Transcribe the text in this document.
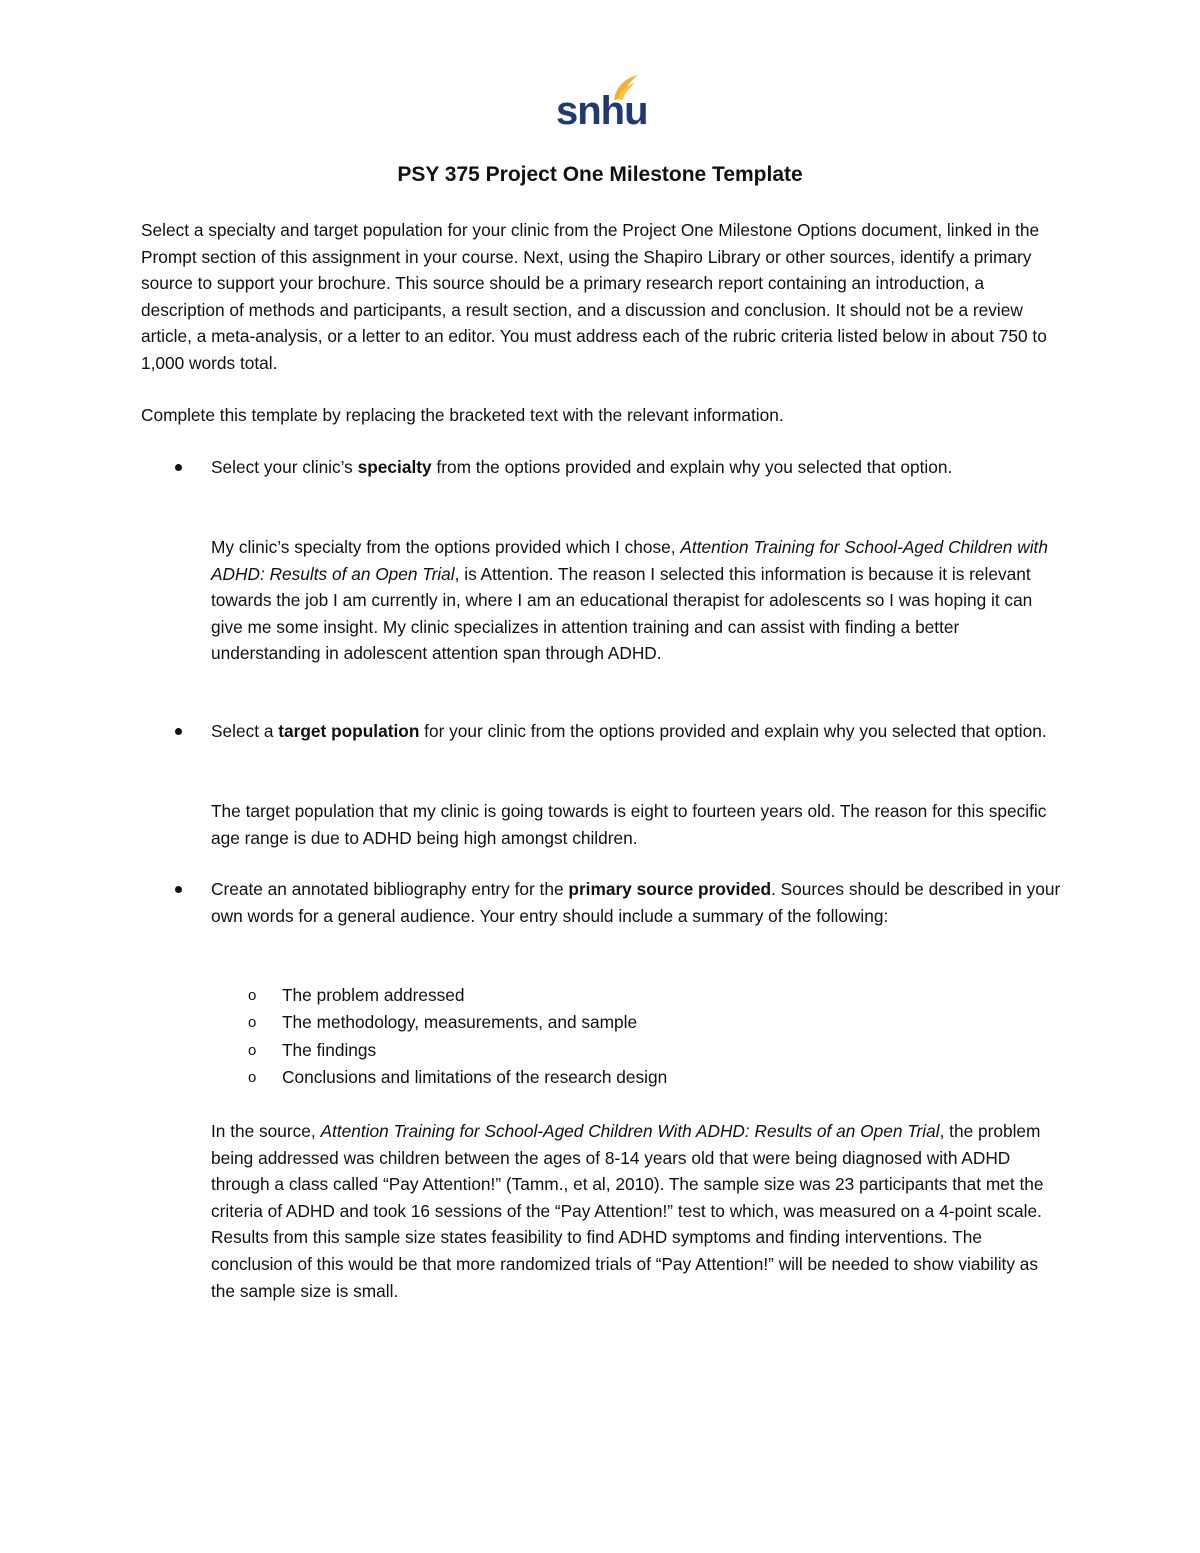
snhu
PSY 375 Project One Milestone Template
Select a specialty and target population for your clinic from the Project One Milestone Options document, linked in the Prompt section of this assignment in your course. Next, using the Shapiro Library or other sources, identify a primary source to support your brochure. This source should be a primary research report containing an introduction, a description of methods and participants, a result section, and a discussion and conclusion. It should not be a review article, a meta-analysis, or a letter to an editor. You must address each of the rubric criteria listed below in about 750 to 1,000 words total.
Complete this template by replacing the bracketed text with the relevant information.
Select your clinic’s specialty from the options provided and explain why you selected that option.
My clinic’s specialty from the options provided which I chose, Attention Training for School-Aged Children with ADHD: Results of an Open Trial, is Attention. The reason I selected this information is because it is relevant towards the job I am currently in, where I am an educational therapist for adolescents so I was hoping it can give me some insight. My clinic specializes in attention training and can assist with finding a better understanding in adolescent attention span through ADHD.
Select a target population for your clinic from the options provided and explain why you selected that option.
The target population that my clinic is going towards is eight to fourteen years old. The reason for this specific age range is due to ADHD being high amongst children.
Create an annotated bibliography entry for the primary source provided. Sources should be described in your own words for a general audience. Your entry should include a summary of the following:
o The problem addressed
o The methodology, measurements, and sample
o The findings
o Conclusions and limitations of the research design
In the source, Attention Training for School-Aged Children With ADHD: Results of an Open Trial, the problem being addressed was children between the ages of 8-14 years old that were being diagnosed with ADHD through a class called “Pay Attention!” (Tamm., et al, 2010). The sample size was 23 participants that met the criteria of ADHD and took 16 sessions of the “Pay Attention!” test to which, was measured on a 4-point scale. Results from this sample size states feasibility to find ADHD symptoms and finding interventions. The conclusion of this would be that more randomized trials of “Pay Attention!” will be needed to show viability as the sample size is small.
